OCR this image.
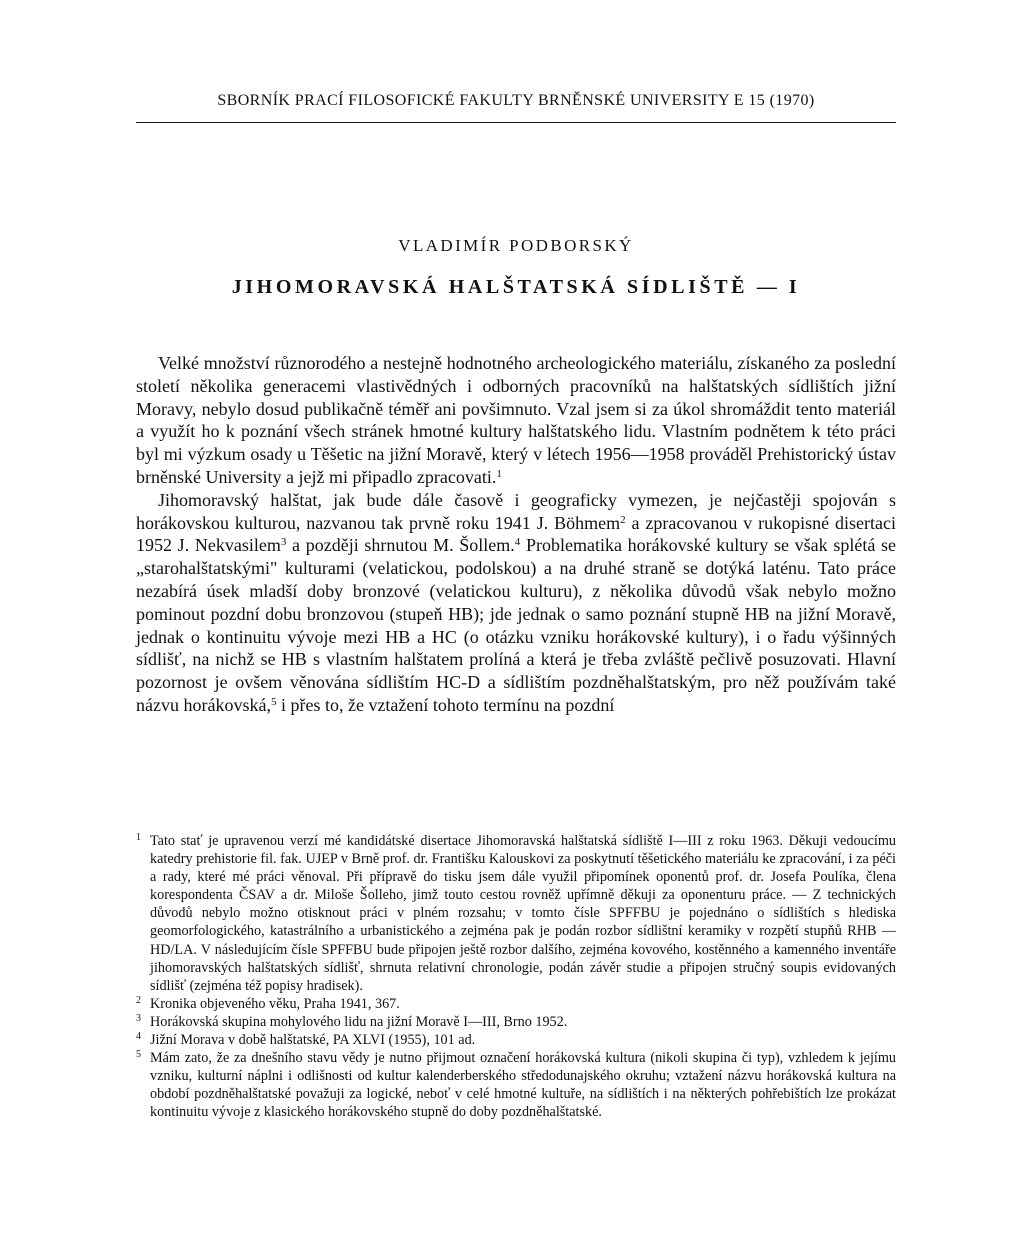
SBORNÍK PRACÍ FILOSOFICKÉ FAKULTY BRNĚNSKÉ UNIVERSITY E 15 (1970)
VLADIMÍR PODBORSKÝ
JIHOMORAVSKÁ HALŠTATSKÁ SÍDLIŠTĚ — I

Velké množství různorodého a nestejně hodnotného archeologického materiálu, získaného za poslední století několika generacemi vlastivědných i odborných pracovníků na halštatských sídlištích jižní Moravy, nebylo dosud publikačně téměř ani povšimnuto. Vzal jsem si za úkol shromáždit tento materiál a využít ho k poznání všech stránek hmotné kultury halštatského lidu. Vlastním podnětem k této práci byl mi výzkum osady u Těšetic na jižní Moravě, který v létech 1956—1958 prováděl Prehistorický ústav brněnské University a jejž mi připadlo zpracovati.$^1$

Jihomoravský halštat, jak bude dále časově i geograficky vymezen, je nejčastěji spojován s horákovskou kulturou, nazvanou tak prvně roku 1941 J. Böhmem$^2$ a zpracovanou v rukopisné disertaci 1952 J. Nekvasilem$^3$ a později shrnutou M. Šollem.$^4$ Problematika horákovské kultury se však splétá se „starohalštatskými" kulturami (velatickou, podolskou) a na druhé straně se dotýká laténu. Tato práce nezabírá úsek mladší doby bronzové (velatickou kulturu), z několika důvodů však nebylo možno pominout pozdní dobu bronzovou (stupeň HB); jde jednak o samo poznání stupně HB na jižní Moravě, jednak o kontinuitu vývoje mezi HB a HC (o otázku vzniku horákovské kultury), i o řadu výšinných sídlišť, na nichž se HB s vlastním halštatem prolíná a která je třeba zvláště pečlivě posuzovati. Hlavní pozornost je ovšem věnována sídlištím HC-D a sídlištím pozdněhalštatským, pro něž používám také názvu horákovská,$^5$ i přes to, že vztažení tohoto termínu na pozdní

1 Tato stať je upravenou verzí mé kandidátské disertace Jihomoravská halštatská sídliště I—III z roku 1963. Děkuji vedoucímu katedry prehistorie fil. fak. UJEP v Brně prof. dr. Františku Kalouskovi za poskytnutí těšetického materiálu ke zpracování, i za péči a rady, které mé práci věnoval. Při přípravě do tisku jsem dále využil připomínek oponentů prof. dr. Josefa Poulíka, člena korespondenta ČSAV a dr. Miloše Šolleho, jimž touto cestou rovněž upřímně děkuji za oponenturu práce. — Z technických důvodů nebylo možno otisknout práci v plném rozsahu; v tomto čísle SPFFBU je pojednáno o sídlištích s hlediska geomorfologického, katastrálního a urbanistického a zejména pak je podán rozbor sídlištní keramiky v rozpětí stupňů RHB — HD/LA. V následujícím čísle SPFFBU bude připojen ještě rozbor dalšího, zejména kovového, kostěnného a kamenného inventáře jihomoravských halštatských sídlišť, shrnuta relativní chronologie, podán závěr studie a připojen stručný soupis evidovaných sídlišť (zejména též popisy hradisek).
2 Kronika objeveného věku, Praha 1941, 367.
3 Horákovská skupina mohylového lidu na jižní Moravě I—III, Brno 1952.
4 Jižní Morava v době halštatské, PA XLVI (1955), 101 ad.
5 Mám zato, že za dnešního stavu vědy je nutno přijmout označení horákovská kultura (nikoli skupina či typ), vzhledem k jejímu vzniku, kulturní náplni i odlišnosti od kultur kalenderberského středodunajského okruhu; vztažení názvu horákovská kultura na období pozdněhalštatské považuji za logické, neboť v celé hmotné kultuře, na sídlištích i na některých pohřebištích lze prokázat kontinuitu vývoje z klasického horákovského stupně do doby pozdněhalštatské.
